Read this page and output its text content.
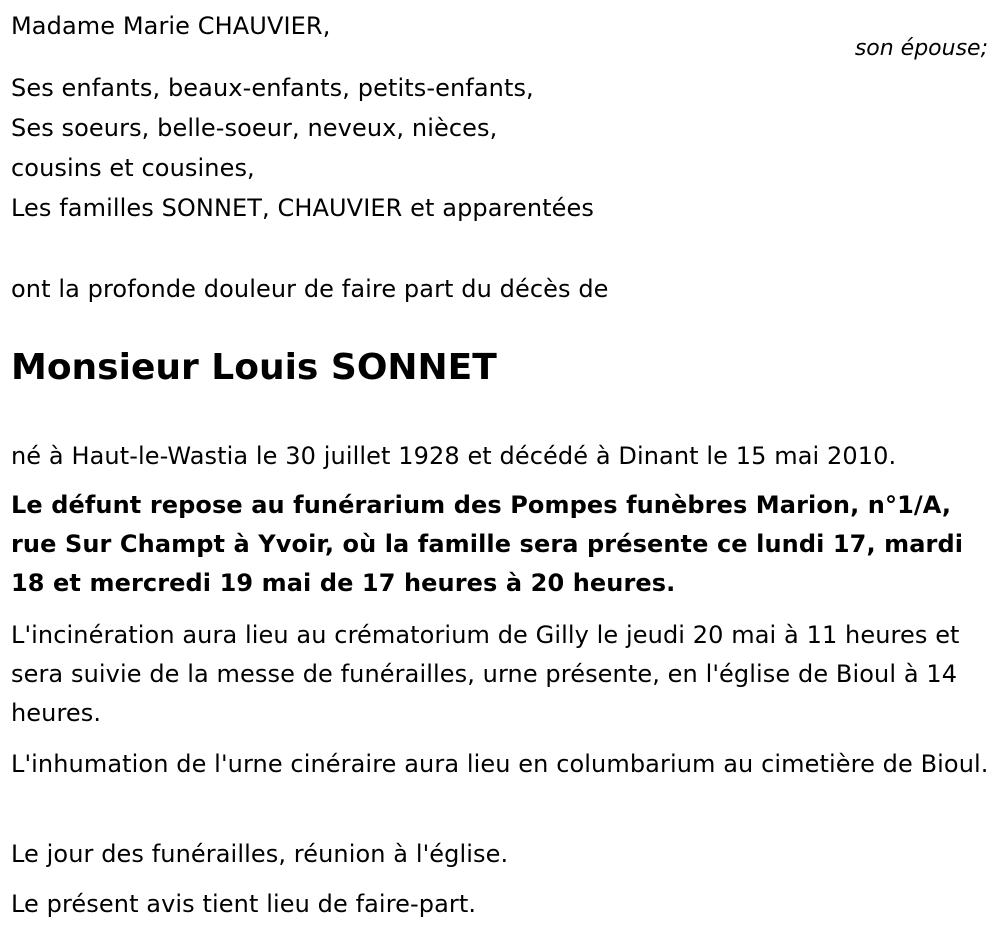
Madame Marie CHAUVIER,
son épouse;
Ses enfants, beaux-enfants, petits-enfants,
Ses soeurs, belle-soeur, neveux, nièces,
cousins et cousines,
Les familles SONNET, CHAUVIER et apparentées
ont la profonde douleur de faire part du décès de
Monsieur Louis SONNET
né à Haut-le-Wastia le 30 juillet 1928 et décédé à Dinant le 15 mai 2010.
Le défunt repose au funérarium des Pompes funèbres Marion, n°1/A, rue Sur Champt à Yvoir, où la famille sera présente ce lundi 17, mardi 18 et mercredi 19 mai de 17 heures à 20 heures.
L'incinération aura lieu au crématorium de Gilly le jeudi 20 mai à 11 heures et sera suivie de la messe de funérailles, urne présente, en l'église de Bioul à 14 heures.
L'inhumation de l'urne cinéraire aura lieu en columbarium au cimetière de Bioul.
Le jour des funérailles, réunion à l'église.
Le présent avis tient lieu de faire-part.
